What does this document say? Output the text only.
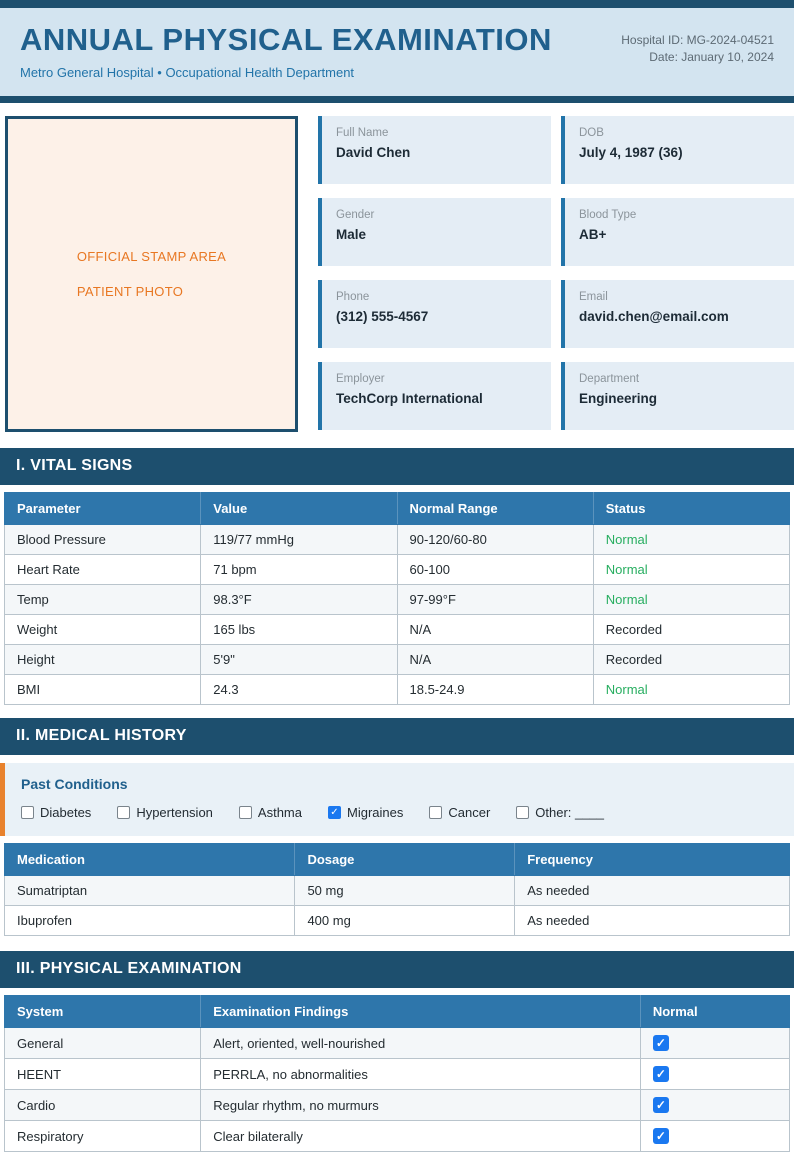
ANNUAL PHYSICAL EXAMINATION
Metro General Hospital • Occupational Health Department
Hospital ID: MG-2024-04521
Date: January 10, 2024
OFFICIAL STAMP AREA
PATIENT PHOTO
Full Name
David Chen
DOB
July 4, 1987 (36)
Gender
Male
Blood Type
AB+
Phone
(312) 555-4567
Email
david.chen@email.com
Employer
TechCorp International
Department
Engineering
I. VITAL SIGNS
Parameter	Value	Normal Range	Status
Blood Pressure	119/77 mmHg	90-120/60-80	Normal
Heart Rate	71 bpm	60-100	Normal
Temp	98.3°F	97-99°F	Normal
Weight	165 lbs	N/A	Recorded
Height	5'9"	N/A	Recorded
BMI	24.3	18.5-24.9	Normal
II. MEDICAL HISTORY
Past Conditions
Diabetes	Hypertension	Asthma	✓ Migraines	Cancer	Other: ____
Medication	Dosage	Frequency
Sumatriptan	50 mg	As needed
Ibuprofen	400 mg	As needed
III. PHYSICAL EXAMINATION
System	Examination Findings	Normal
General	Alert, oriented, well-nourished	✓
HEENT	PERRLA, no abnormalities	✓
Cardio	Regular rhythm, no murmurs	✓
Respiratory	Clear bilaterally	✓
